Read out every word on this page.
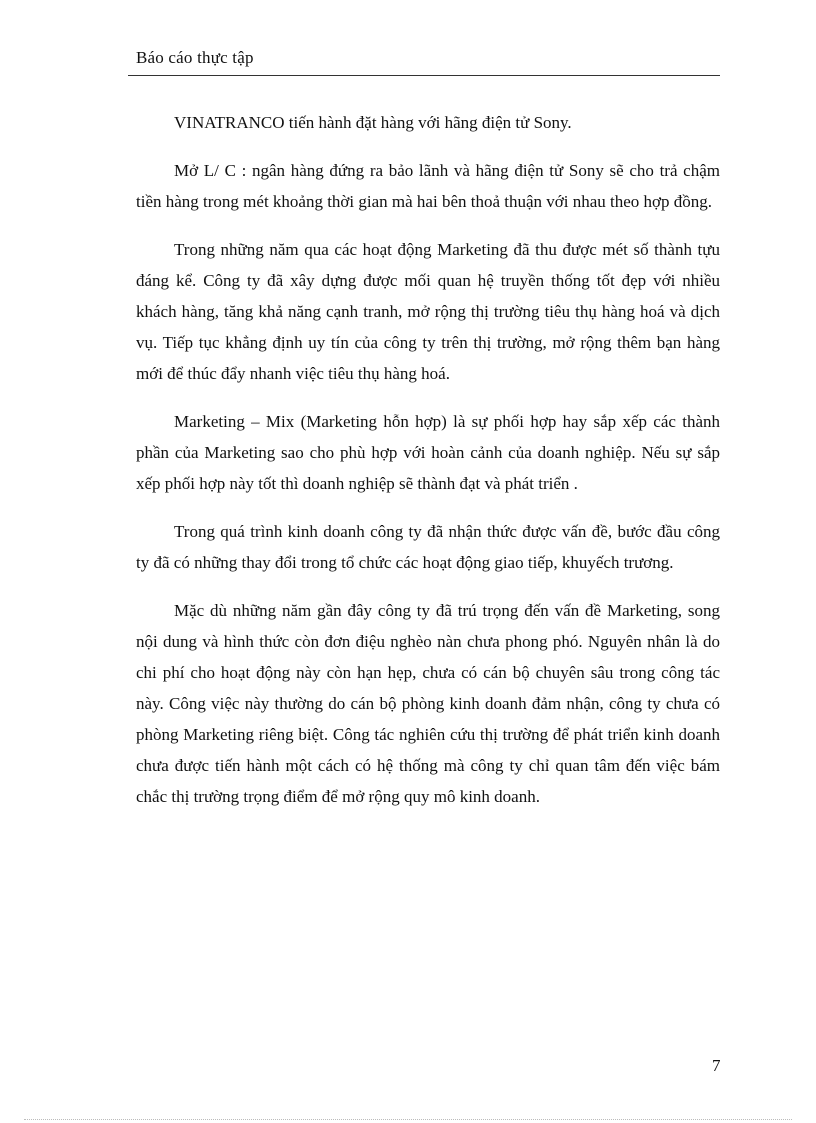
Báo cáo thực tập

VINATRANCO tiến hành đặt hàng với hãng điện tử Sony.

Mở L/ C : ngân hàng đứng ra bảo lãnh và hãng điện tử Sony sẽ cho trả chậm tiền hàng trong mét khoảng thời gian mà hai bên thoả thuận với nhau theo hợp đồng.

Trong những năm qua các hoạt động Marketing đã thu được mét số thành tựu đáng kể. Công ty đã xây dựng được mối quan hệ truyền thống tốt đẹp với nhiều khách hàng, tăng khả năng cạnh tranh, mở rộng thị trường tiêu thụ hàng hoá và dịch vụ. Tiếp tục khẳng định uy tín của công ty trên thị trường, mở rộng thêm bạn hàng mới để thúc đẩy nhanh việc tiêu thụ hàng hoá.

Marketing – Mix (Marketing hỗn hợp) là sự phối hợp hay sắp xếp các thành phần của Marketing sao cho phù hợp với hoàn cảnh của doanh nghiệp. Nếu sự sắp xếp phối hợp này tốt thì doanh nghiệp sẽ thành đạt và phát triển .

Trong quá trình kinh doanh công ty đã nhận thức được vấn đề, bước đầu công ty đã có những thay đổi trong tổ chức các hoạt động giao tiếp, khuyếch trương.

Mặc dù những năm gần đây công ty đã trú trọng đến vấn đề Marketing, song nội dung và hình thức còn đơn điệu nghèo nàn chưa phong phó. Nguyên nhân là do chi phí cho hoạt động này còn hạn hẹp, chưa có cán bộ chuyên sâu trong công tác này. Công việc này thường do cán bộ phòng kinh doanh đảm nhận, công ty chưa có phòng Marketing riêng biệt. Công tác nghiên cứu thị trường để phát triển kinh doanh chưa được tiến hành một cách có hệ thống mà công ty chỉ quan tâm đến việc bám chắc thị trường trọng điểm để mở rộng quy mô kinh doanh.

7
